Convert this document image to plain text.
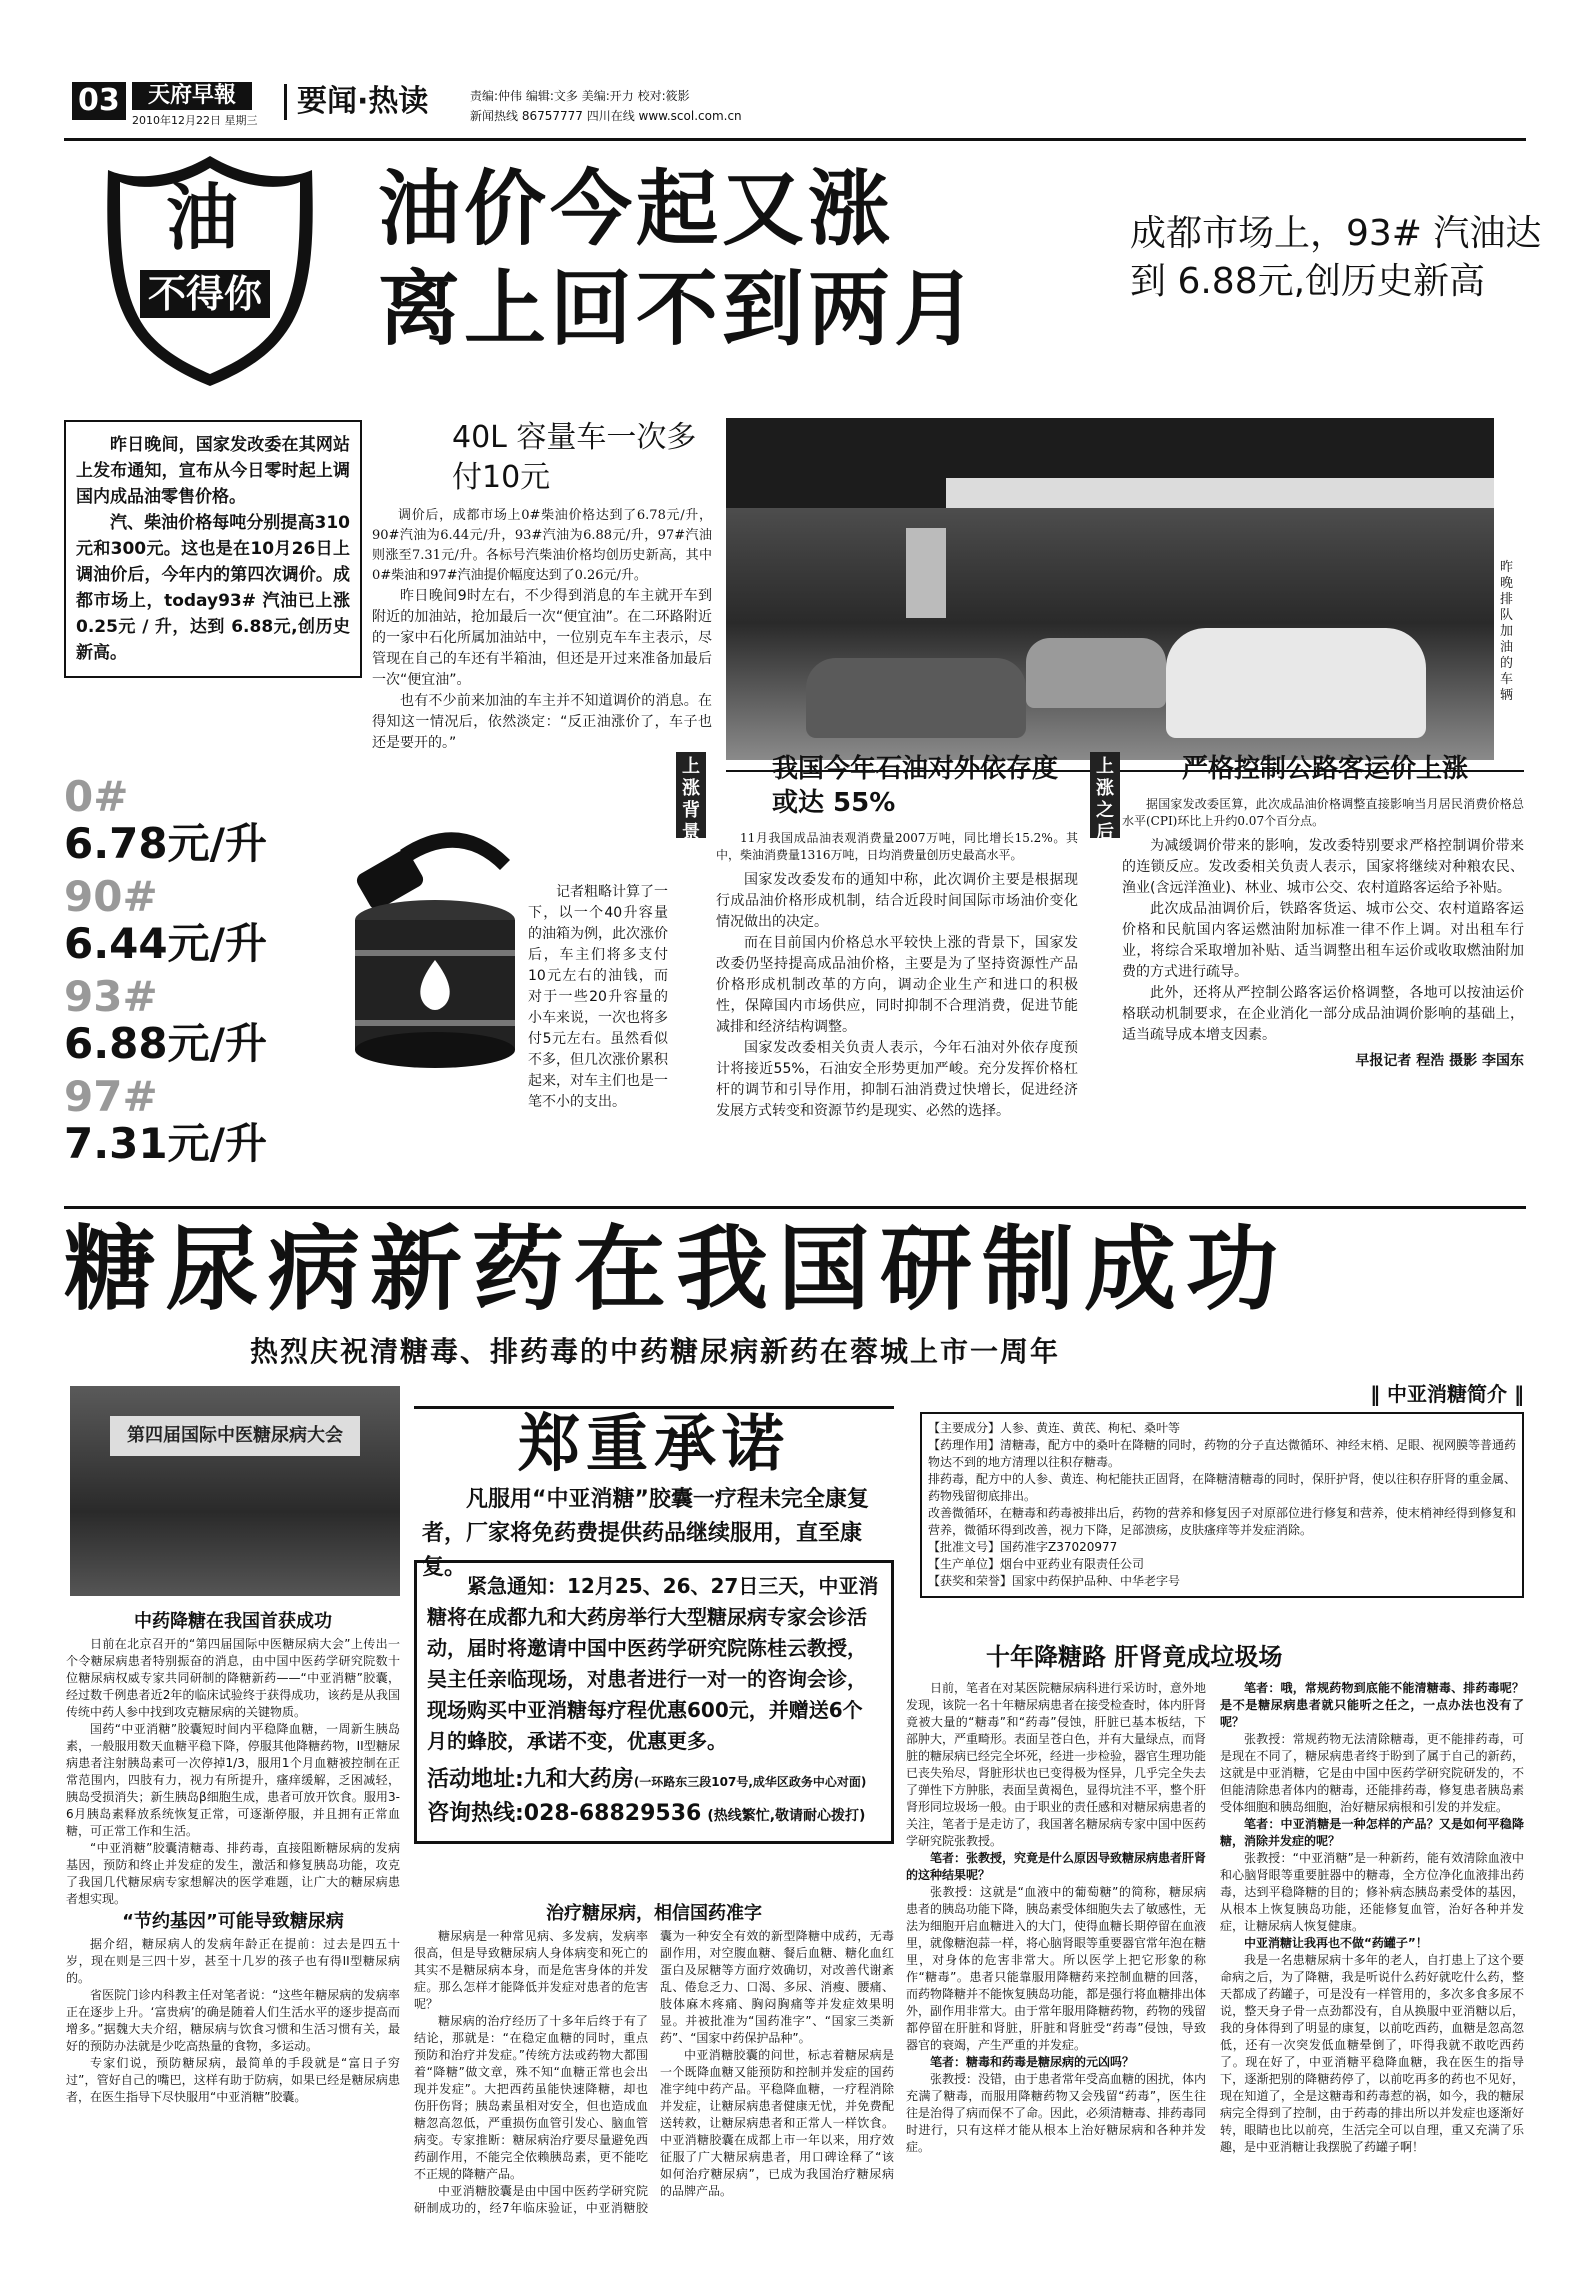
03	天府早報
2010年12月22日 星期三
要闻·热读	责编:仲伟 编辑:文多 美编:开力 校对:筱影
新闻热线 86757777 四川在线 www.scol.com.cn
油
不得你
油价今起又涨
离上回不到两月
成都市场上，93# 汽油达到 6.88元,创历史新高

昨日晚间，国家发改委在其网站上发布通知，宣布从今日零时起上调国内成品油零售价格。

汽、柴油价格每吨分别提高310元和300元。这也是在10月26日上调油价后，今年内的第四次调价。成都市场上，today93# 汽油已上涨 0.25元 / 升，达到 6.88元,创历史新高。

0#
6.78元/升
90#
6.44元/升
93#
6.88元/升
97#
7.31元/升
40L 容量车一次多付10元

调价后，成都市场上0#柴油价格达到了6.78元/升，90#汽油为6.44元/升，93#汽油为6.88元/升，97#汽油则涨至7.31元/升。各标号汽柴油价格均创历史新高，其中0#柴油和97#汽油提价幅度达到了0.26元/升。

昨日晚间9时左右，不少得到消息的车主就开车到附近的加油站，抢加最后一次“便宜油”。在二环路附近的一家中石化所属加油站中，一位别克车车主表示，尽管现在自己的车还有半箱油，但还是开过来准备加最后一次“便宜油”。

也有不少前来加油的车主并不知道调价的消息。在得知这一情况后，依然淡定：“反正油涨价了，车子也还是要开的。”

记者粗略计算了一下，以一个40升容量的油箱为例，此次涨价后，车主们将多支付10元左右的油钱，而对于一些20升容量的小车来说，一次也将多付5元左右。虽然看似不多，但几次涨价累积起来，对车主们也是一笔不小的支出。

昨晚排队加油的车辆
上涨背景
我国今年石油对外依存度或达 55%

11月我国成品油表观消费量2007万吨，同比增长15.2%。其中，柴油消费量1316万吨，日均消费量创历史最高水平。

国家发改委发布的通知中称，此次调价主要是根据现行成品油价格形成机制，结合近段时间国际市场油价变化情况做出的决定。

而在目前国内价格总水平较快上涨的背景下，国家发改委仍坚持提高成品油价格，主要是为了坚持资源性产品价格形成机制改革的方向，调动企业生产和进口的积极性，保障国内市场供应，同时抑制不合理消费，促进节能减排和经济结构调整。

国家发改委相关负责人表示，今年石油对外依存度预计将接近55%，石油安全形势更加严峻。充分发挥价格杠杆的调节和引导作用，抑制石油消费过快增长，促进经济发展方式转变和资源节约是现实、必然的选择。

上涨之后
严格控制公路客运价上涨

据国家发改委匡算，此次成品油价格调整直接影响当月居民消费价格总水平(CPI)环比上升约0.07个百分点。

为减缓调价带来的影响，发改委特别要求严格控制调价带来的连锁反应。发改委相关负责人表示，国家将继续对种粮农民、渔业(含远洋渔业)、林业、城市公交、农村道路客运给予补贴。

此次成品油调价后，铁路客货运、城市公交、农村道路客运价格和民航国内客运燃油附加标准一律不作上调。对出租车行业，将综合采取增加补贴、适当调整出租车运价或收取燃油附加费的方式进行疏导。

此外，还将从严控制公路客运价格调整，各地可以按油运价格联动机制要求，在企业消化一部分成品油调价影响的基础上，适当疏导成本增支因素。

早报记者 程浩 摄影 李国东
糖尿病新药在我国研制成功
热烈庆祝清糖毒、排药毒的中药糖尿病新药在蓉城上市一周年
郑重承诺
凡服用“中亚消糖”胶囊一疗程未完全康复者，厂家将免药费提供药品继续服用，直至康复。
紧急通知：12月25、26、27日三天，中亚消糖将在成都九和大药房举行大型糖尿病专家会诊活动，届时将邀请中国中医药学研究院陈桂云教授，吴主任亲临现场，对患者进行一对一的咨询会诊，现场购买中亚消糖每疗程优惠600元，并赠送6个月的蜂胶，承诺不变，优惠更多。
活动地址:九和大药房(一环路东三段107号,成华区政务中心对面)
咨询热线:028-68829536 (热线繁忙,敬请耐心拨打)
第四届国际中医糖尿病大会
‖ 中亚消糖简介 ‖
【主要成分】人参、黄连、黄芪、枸杞、桑叶等
【药理作用】清糖毒，配方中的桑叶在降糖的同时，药物的分子直达微循环、神经末梢、足眼、视网膜等普通药物达不到的地方清理以往积存糖毒。
排药毒，配方中的人参、黄连、枸杞能扶正固肾，在降糖清糖毒的同时，保肝护肾，使以往积存肝肾的重金属、药物残留彻底排出。
改善微循环，在糖毒和药毒被排出后，药物的营养和修复因子对原部位进行修复和营养，使末梢神经得到修复和营养，微循环得到改善，视力下降，足部溃疡，皮肤瘙痒等并发症消除。
【批准文号】国药准字Z37020977
【生产单位】烟台中亚药业有限责任公司
【获奖和荣誉】国家中药保护品种、中华老字号
中药降糖在我国首获成功

日前在北京召开的“第四届国际中医糖尿病大会”上传出一个令糖尿病患者特别振奋的消息，由中国中医药学研究院数十位糖尿病权威专家共同研制的降糖新药——“中亚消糖”胶囊，经过数千例患者近2年的临床试验终于获得成功，该药是从我国传统中药人参中找到攻克糖尿病的关键物质。

国药“中亚消糖”胶囊短时间内平稳降血糖，一周新生胰岛素，一般服用数天血糖平稳下降，停服其他降糖药物，II型糖尿病患者注射胰岛素可一次停掉1/3，服用1个月血糖被控制在正常范围内，四肢有力，视力有所提升，瘙痒缓解，乏困减轻，胰岛受损消失；新生胰岛β细胞生成，患者可放开饮食。服用3-6月胰岛素释放系统恢复正常，可逐渐停服，并且拥有正常血糖，可正常工作和生活。

“中亚消糖”胶囊清糖毒、排药毒，直接阻断糖尿病的发病基因，预防和终止并发症的发生，激活和修复胰岛功能，攻克了我国几代糖尿病专家想解决的医学难题，让广大的糖尿病患者想实现。

“节约基因”可能导致糖尿病

据介绍，糖尿病人的发病年龄正在提前：过去是四五十岁，现在则是三四十岁，甚至十几岁的孩子也有得II型糖尿病的。

省医院门诊内科教主任对笔者说：“这些年糖尿病的发病率正在逐步上升。‘富贵病’的确是随着人们生活水平的逐步提高而增多。”据魏大夫介绍，糖尿病与饮食习惯和生活习惯有关，最好的预防办法就是少吃高热量的食物，多运动。

专家们说，预防糖尿病，最简单的手段就是“富日子穷过”，管好自己的嘴巴，这样有助于防病，如果已经是糖尿病患者，在医生指导下尽快服用“中亚消糖”胶囊。

治疗糖尿病，相信国药准字

糖尿病是一种常见病、多发病，发病率很高，但是导致糖尿病人身体病变和死亡的其实不是糖尿病本身，而是危害身体的并发症。那么怎样才能降低并发症对患者的危害呢？

糖尿病的治疗经历了十多年后终于有了结论，那就是：“在稳定血糖的同时，重点预防和治疗并发症。”传统方法或药物大都围着“降糖”做文章，殊不知“血糖正常也会出现并发症”。大把西药虽能快速降糖，却也伤肝伤肾；胰岛素虽相对安全，但也造成血糖忽高忽低，严重损伤血管引发心、脑血管病变。专家推断：糖尿病治疗要尽量避免西药副作用，不能完全依赖胰岛素，更不能吃不正规的降糖产品。

中亚消糖胶囊是由中国中医药学研究院研制成功的，经7年临床验证，中亚消糖胶囊为一种安全有效的新型降糖中成药，无毒副作用，对空腹血糖、餐后血糖、糖化血红蛋白及尿糖等方面疗效确切，对改善代谢紊乱、倦怠乏力、口渴、多尿、消瘦、腰痛、肢体麻木疼痛、胸闷胸痛等并发症效果明显。并被批准为“国药准字”、“国家三类新药”、“国家中药保护品种”。

中亚消糖胶囊的问世，标志着糖尿病是一个既降血糖又能预防和控制并发症的国药准字纯中药产品。平稳降血糖，一疗程消除并发症，让糖尿病患者健康无忧，并免费配送转救，让糖尿病患者和正常人一样饮食。中亚消糖胶囊在成都上市一年以来，用疗效征服了广大糖尿病患者，用口碑诠释了“该如何治疗糖尿病”，已成为我国治疗糖尿病的品牌产品。

十年降糖路 肝肾竟成垃圾场

日前，笔者在对某医院糖尿病科进行采访时，意外地发现，该院一名十年糖尿病患者在接受检查时，体内肝肾竟被大量的“糖毒”和“药毒”侵蚀，肝脏已基本板结，下部肿大，严重畸形。表面呈苍白色，并有大量绿点，而肾脏的糖尿病已经完全坏死，经进一步检验，器官生理功能已丧失殆尽，肾脏形状也已变得极为怪异，几乎完全失去了弹性下方肿胀，表面呈黄褐色，显得坑洼不平，整个肝肾形同垃圾场一般。由于职业的责任感和对糖尿病患者的关注，笔者于是走访了，我国著名糖尿病专家中国中医药学研究院张教授。

笔者：张教授，究竟是什么原因导致糖尿病患者肝肾的这种结果呢？

张教授：这就是“血液中的葡萄糖”的简称，糖尿病患者的胰岛功能下降，胰岛素受体细胞失去了敏感性，无法为细胞开启血糖进入的大门，使得血糖长期停留在血液里，就像糖泡蒜一样，将心脑肾眼等重要器官常年泡在糖里，对身体的危害非常大。所以医学上把它形象的称作“糖毒”。患者只能靠服用降糖药来控制血糖的回落，而药物降糖并不能恢复胰岛功能，都是强行将血糖排出体外，副作用非常大。由于常年服用降糖药物，药物的残留都停留在肝脏和肾脏，肝脏和肾脏受“药毒”侵蚀，导致器官的衰竭，产生严重的并发症。

笔者：糖毒和药毒是糖尿病的元凶吗？

张教授：没错，由于患者常年受高血糖的困扰，体内充满了糖毒，而服用降糖药物又会残留“药毒”，医生往往是治得了病而保不了命。因此，必须清糖毒、排药毒同时进行，只有这样才能从根本上治好糖尿病和各种并发症。

笔者：哦，常规药物到底能不能清糖毒、排药毒呢？是不是糖尿病患者就只能听之任之，一点办法也没有了呢？

张教授：常规药物无法清除糖毒，更不能排药毒，可是现在不同了，糖尿病患者终于盼到了属于自己的新药，这就是中亚消糖，它是由中国中医药学研究院研发的，不但能清除患者体内的糖毒，还能排药毒，修复患者胰岛素受体细胞和胰岛细胞，治好糖尿病根和引发的并发症。

笔者：中亚消糖是一种怎样的产品？又是如何平稳降糖，消除并发症的呢？

张教授：“中亚消糖”是一种新药，能有效清除血液中和心脑肾眼等重要脏器中的糖毒，全方位净化血液排出药毒，达到平稳降糖的目的；修补病态胰岛素受体的基因，从根本上恢复胰岛功能，还能修复血管，治好各种并发症，让糖尿病人恢复健康。

中亚消糖让我再也不做“药罐子”！

我是一名患糖尿病十多年的老人，自打患上了这个要命病之后，为了降糖，我是听说什么药好就吃什么药，整天都成了药罐子，可是没有一样管用的，多次多食多尿不说，整天身子骨一点劲都没有，自从换服中亚消糖以后，我的身体得到了明显的康复，以前吃西药，血糖是忽高忽低，还有一次突发低血糖晕倒了，吓得我就不敢吃西药了。现在好了，中亚消糖平稳降血糖，我在医生的指导下，逐渐把别的降糖药停了，以前吃再多的药也不见好，现在知道了，全是这糖毒和药毒惹的祸，如今，我的糖尿病完全得到了控制，由于药毒的排出所以并发症也逐渐好转，眼睛也比以前亮，生活完全可以自理，重又充满了乐趣，是中亚消糖让我摆脱了药罐子啊！
